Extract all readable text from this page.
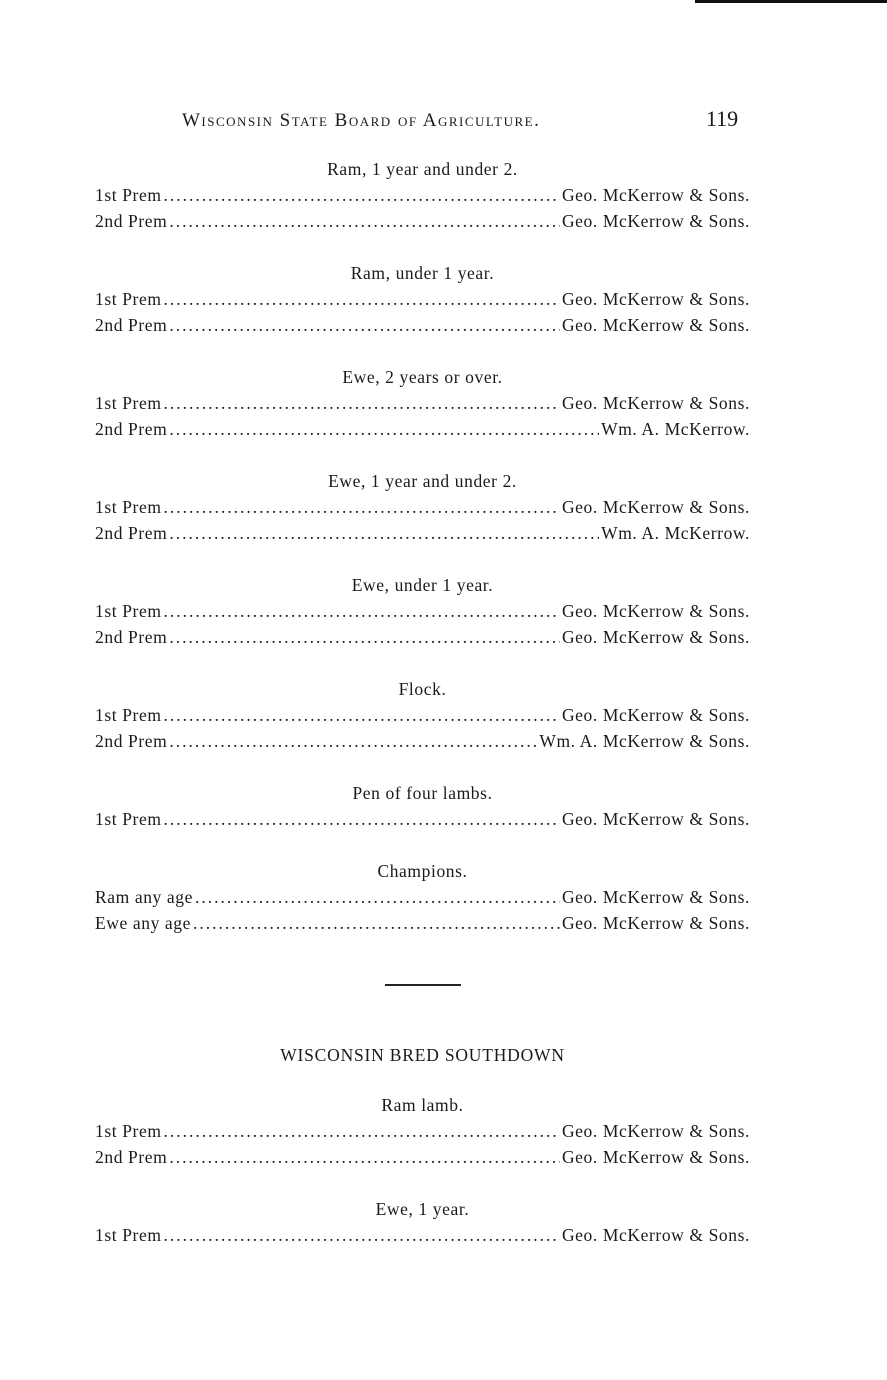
Wisconsin State Board of Agriculture.	119
Ram, 1 year and under 2.
1st Prem .....	Geo. McKerrow & Sons.
2nd Prem .....	Geo. McKerrow & Sons.
Ram, under 1 year.
1st Prem .....	Geo. McKerrow & Sons.
2nd Prem .....	Geo. McKerrow & Sons.
Ewe, 2 years or over.
1st Prem .....	Geo. McKerrow & Sons.
2nd Prem .....	Wm. A. McKerrow.
Ewe, 1 year and under 2.
1st Prem .....	Geo. McKerrow & Sons.
2nd Prem .....	Wm. A. McKerrow.
Ewe, under 1 year.
1st Prem .....	Geo. McKerrow & Sons.
2nd Prem .....	Geo. McKerrow & Sons.
Flock.
1st Prem .....	Geo. McKerrow & Sons.
2nd Prem .....	Wm. A. McKerrow & Sons.
Pen of four lambs.
1st Prem .....	Geo. McKerrow & Sons.
Champions.
Ram any age .....	Geo. McKerrow & Sons.
Ewe any age .....	Geo. McKerrow & Sons.
WISCONSIN BRED SOUTHDOWN
Ram lamb.
1st Prem .....	Geo. McKerrow & Sons.
2nd Prem .....	Geo. McKerrow & Sons.
Ewe, 1 year.
1st Prem .....	Geo. McKerrow & Sons.
